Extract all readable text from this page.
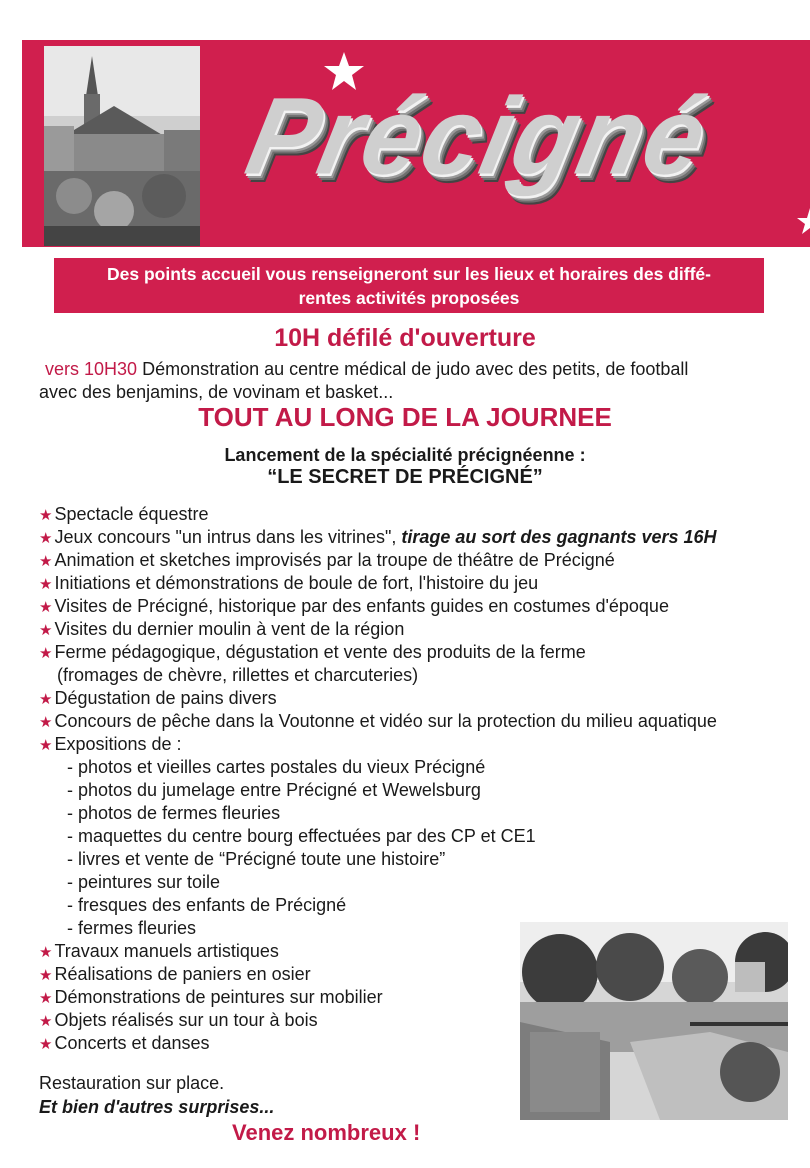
Précigné
Des points accueil vous renseigneront sur les lieux et horaires des diffé-
rentes activités proposées
10H défilé d'ouverture
vers 10H30 Démonstration au centre médical de judo avec des petits, de football
avec des benjamins, de vovinam et basket...
TOUT AU LONG DE LA JOURNEE
Lancement de la spécialité précignéenne :
“LE SECRET DE PRÉCIGNÉ”
★ Spectacle équestre
★ Jeux concours "un intrus dans les vitrines", tirage au sort des gagnants vers 16H
★ Animation et sketches improvisés par la troupe de théâtre de Précigné
★ Initiations et démonstrations de boule de fort, l'histoire du jeu
★ Visites de Précigné, historique par des enfants guides en costumes d'époque
★ Visites du dernier moulin à vent de la région
★ Ferme pédagogique, dégustation et vente des produits de la ferme
(fromages de chèvre, rillettes et charcuteries)
★ Dégustation de pains divers
★ Concours de pêche dans la Voutonne et vidéo sur la protection du milieu aquatique
★ Expositions de :
- photos et vieilles cartes postales du vieux Précigné
- photos du jumelage entre Précigné et Wewelsburg
- photos de fermes fleuries
- maquettes du centre bourg effectuées par des CP et CE1
- livres et vente de “Précigné toute une histoire”
- peintures sur toile
- fresques des enfants de Précigné
- fermes fleuries
★ Travaux manuels artistiques
★ Réalisations de paniers en osier
★ Démonstrations de peintures sur mobilier
★ Objets réalisés sur un tour à bois
★ Concerts et danses
Restauration sur place.
Et bien d'autres surprises...
Venez nombreux !
